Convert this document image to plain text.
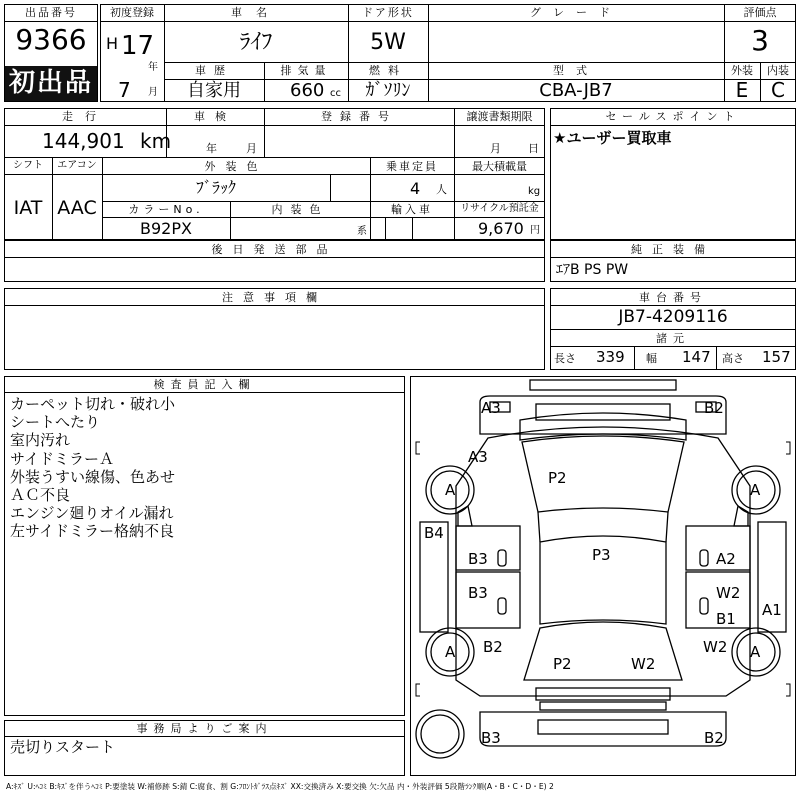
出品番号
9366
初出品
初度登録
H 17
年
7 月
車名
ﾗｲﾌ
ドア形状
5W
グレード	評価点
3
車歴
自家用
排気量
660 cc
燃料
ｶﾞｿﾘﾝ
型式
CBA-JB7
外装	内装
E	C
走行
144,901 km
車検
年	月
登録番号	譲渡書類期限
月 日
シフト	エアコン
IAT AAC
外装色
ﾌﾞﾗｯｸ
乗車定員
4 人
最大積載量
kg
カラーNo.
B92PX
内装色
系
輸入車	リサイクル預託金
9,670 円
後日発送部品
セールスポイント
★ユーザー買取車
純正装備
ｴｱB PS PW
注意事項欄	車台番号
JB7-4209116
諸元
長さ 339 幅 147 高さ 157
検査員記入欄
カーペット切れ・破れ小
シートへたり
室内汚れ
サイドミラーＡ
外装うすい線傷、色あせ
ＡＣ不良
エンジン廻りオイル漏れ
左サイドミラー格納不良
事務局よりご案内
売切りスタート
A3	B2
A3
P2
A	A
B4
B3	P3	A2
B3	W2
B1 A1
A B2	W2 A
P2	W2
B3	B2
A:ｷｽﾞ U:ﾍｺﾐ B:ｷｽﾞを伴うﾍｺﾐ P:要塗装 W:補修跡 S:錆 C:腐食、割 G:ﾌﾛﾝﾄｶﾞﾗｽ点ｷｽﾞ XX:交換済み X:要交換 欠:欠品 内・外装評価 5段階ﾗﾝｸ順(A・B・C・D・E) 2
